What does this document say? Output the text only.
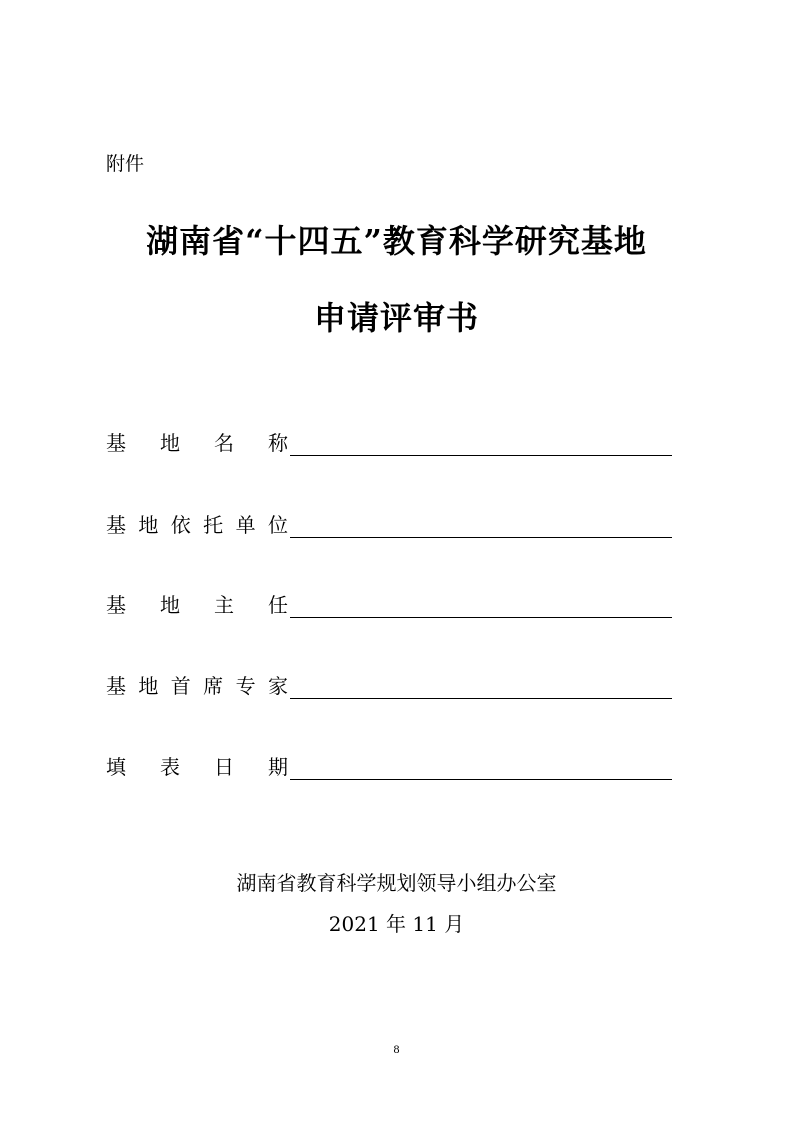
附件
湖南省“十四五”教育科学研究基地
申请评审书
基 地 名 称
基 地 依 托 单 位
基 地 主 任
基 地 首 席 专 家
填 表 日 期
湖南省教育科学规划领导小组办公室
2021 年 11 月
8
